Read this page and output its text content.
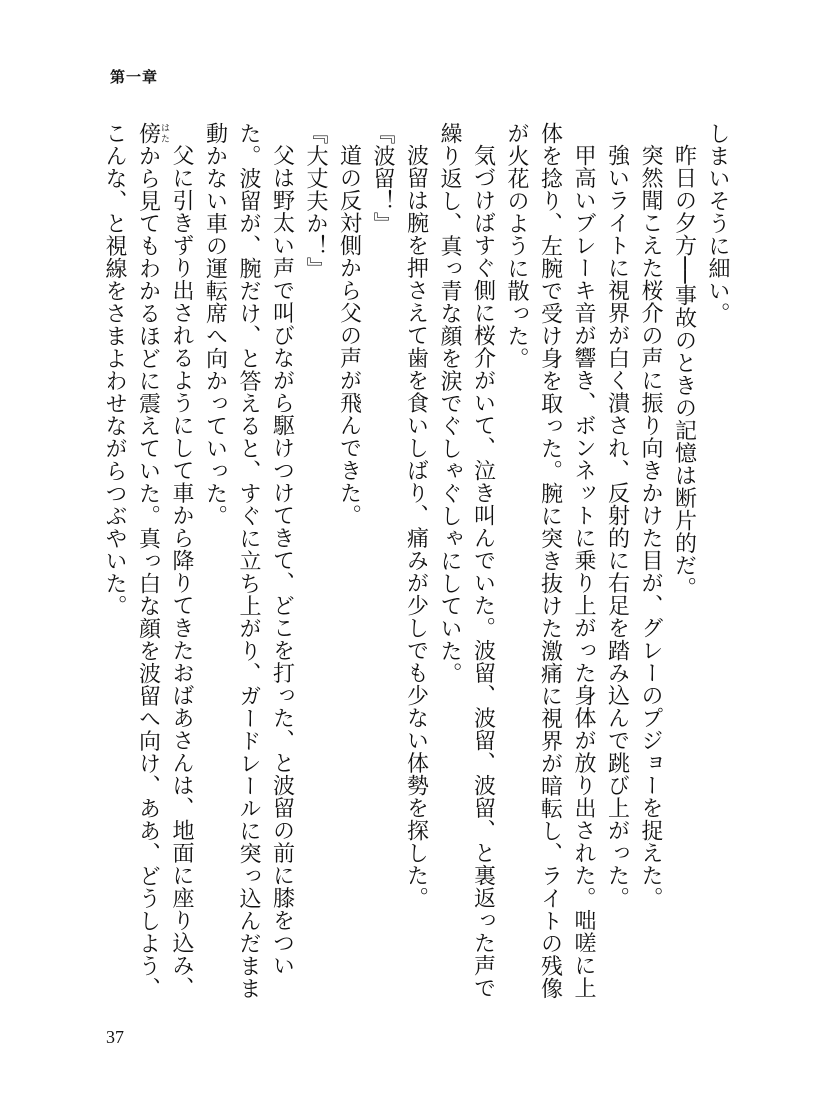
第一章

しまいそうに細い。

昨日の夕方──事故のときの記憶は断片的だ。

突然聞こえた桜介の声に振り向きかけた目が、グレーのプジョーを捉えた。

強いライトに視界が白く潰され、反射的に右足を踏み込んで跳び上がった。

甲高いブレーキ音が響き、ボンネットに乗り上がった身体が放り出された。咄嗟に上体を捻り、左腕で受け身を取った。腕に突き抜けた激痛に視界が暗転し、ライトの残像が火花のように散った。

気づけばすぐ側に桜介がいて、泣き叫んでいた。波留、波留、波留、と裏返った声で繰り返し、真っ青な顔を涙でぐしゃぐしゃにしていた。

波留は腕を押さえて歯を食いしばり、痛みが少しでも少ない体勢を探した。

『波留！』

道の反対側から父の声が飛んできた。

『大丈夫か！』

父は野太い声で叫びながら駆けつけてきて、どこを打った、と波留の前に膝をついた。波留が、腕だけ、と答えると、すぐに立ち上がり、ガードレールに突っ込んだまま動かない車の運転席へ向かっていった。

父に引きずり出されるようにして車から降りてきたおばあさんは、地面に座り込み、傍はたから見てもわかるほどに震えていた。真っ白な顔を波留へ向け、ああ、どうしよう、こんな、と視線をさまよわせながらつぶやいた。

37
